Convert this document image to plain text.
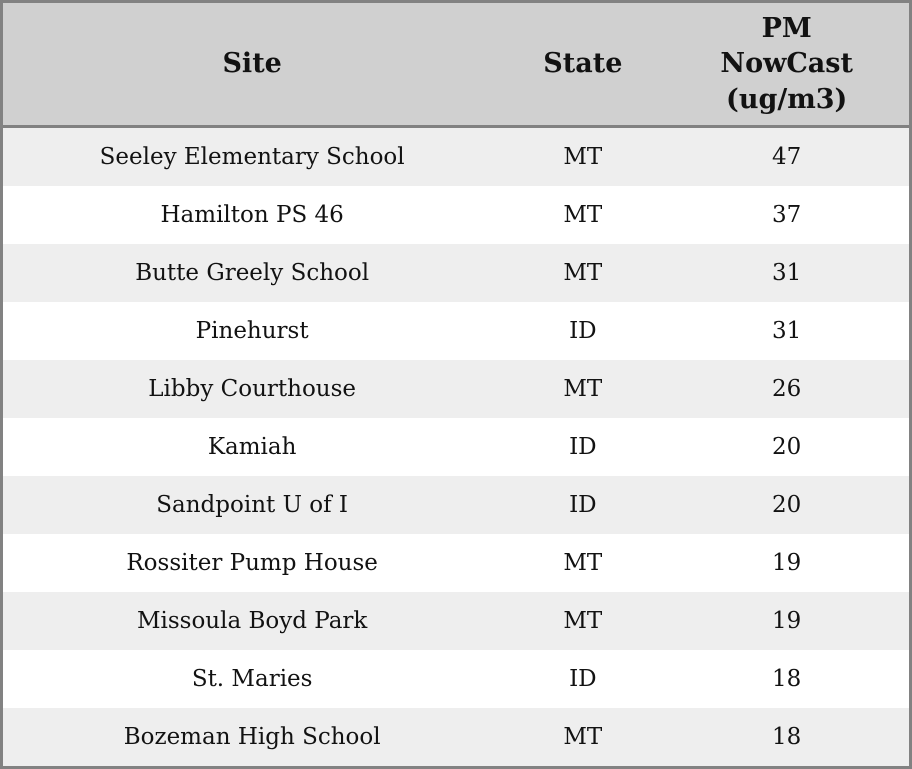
Site	State	PM NowCast (ug/m3)
Seeley Elementary School	MT	47
Hamilton PS 46	MT	37
Butte Greely School	MT	31
Pinehurst	ID	31
Libby Courthouse	MT	26
Kamiah	ID	20
Sandpoint U of I	ID	20
Rossiter Pump House	MT	19
Missoula Boyd Park	MT	19
St. Maries	ID	18
Bozeman High School	MT	18
